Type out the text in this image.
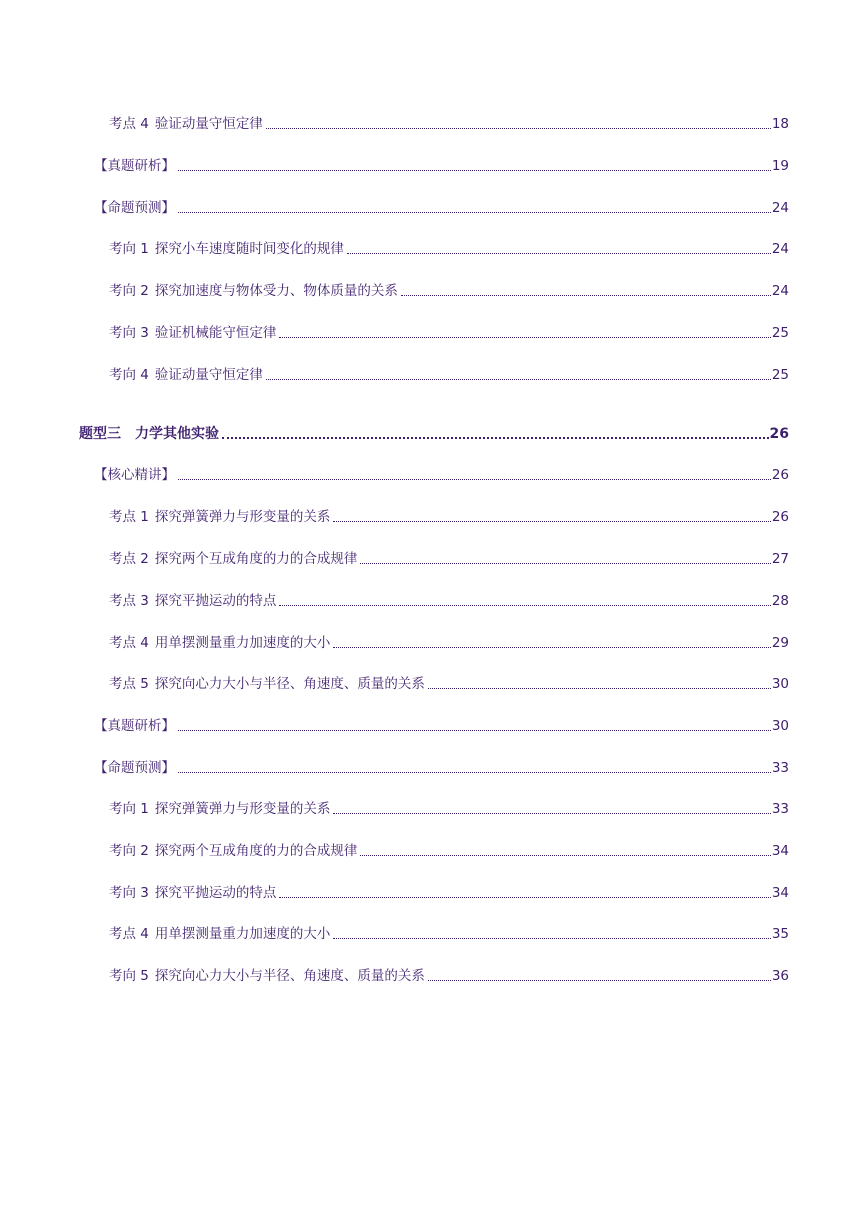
考点 4 验证动量守恒定律	18
【真题研析】	19
【命题预测】	24
考向 1 探究小车速度随时间变化的规律	24
考向 2 探究加速度与物体受力、物体质量的关系	24
考向 3 验证机械能守恒定律	25
考向 4 验证动量守恒定律	25
题型三 力学其他实验	26
【核心精讲】	26
考点 1 探究弹簧弹力与形变量的关系	26
考点 2 探究两个互成角度的力的合成规律	27
考点 3 探究平抛运动的特点	28
考点 4 用单摆测量重力加速度的大小	29
考点 5 探究向心力大小与半径、角速度、质量的关系	30
【真题研析】	30
【命题预测】	33
考向 1 探究弹簧弹力与形变量的关系	33
考向 2 探究两个互成角度的力的合成规律	34
考向 3 探究平抛运动的特点	34
考点 4 用单摆测量重力加速度的大小	35
考向 5 探究向心力大小与半径、角速度、质量的关系	36
